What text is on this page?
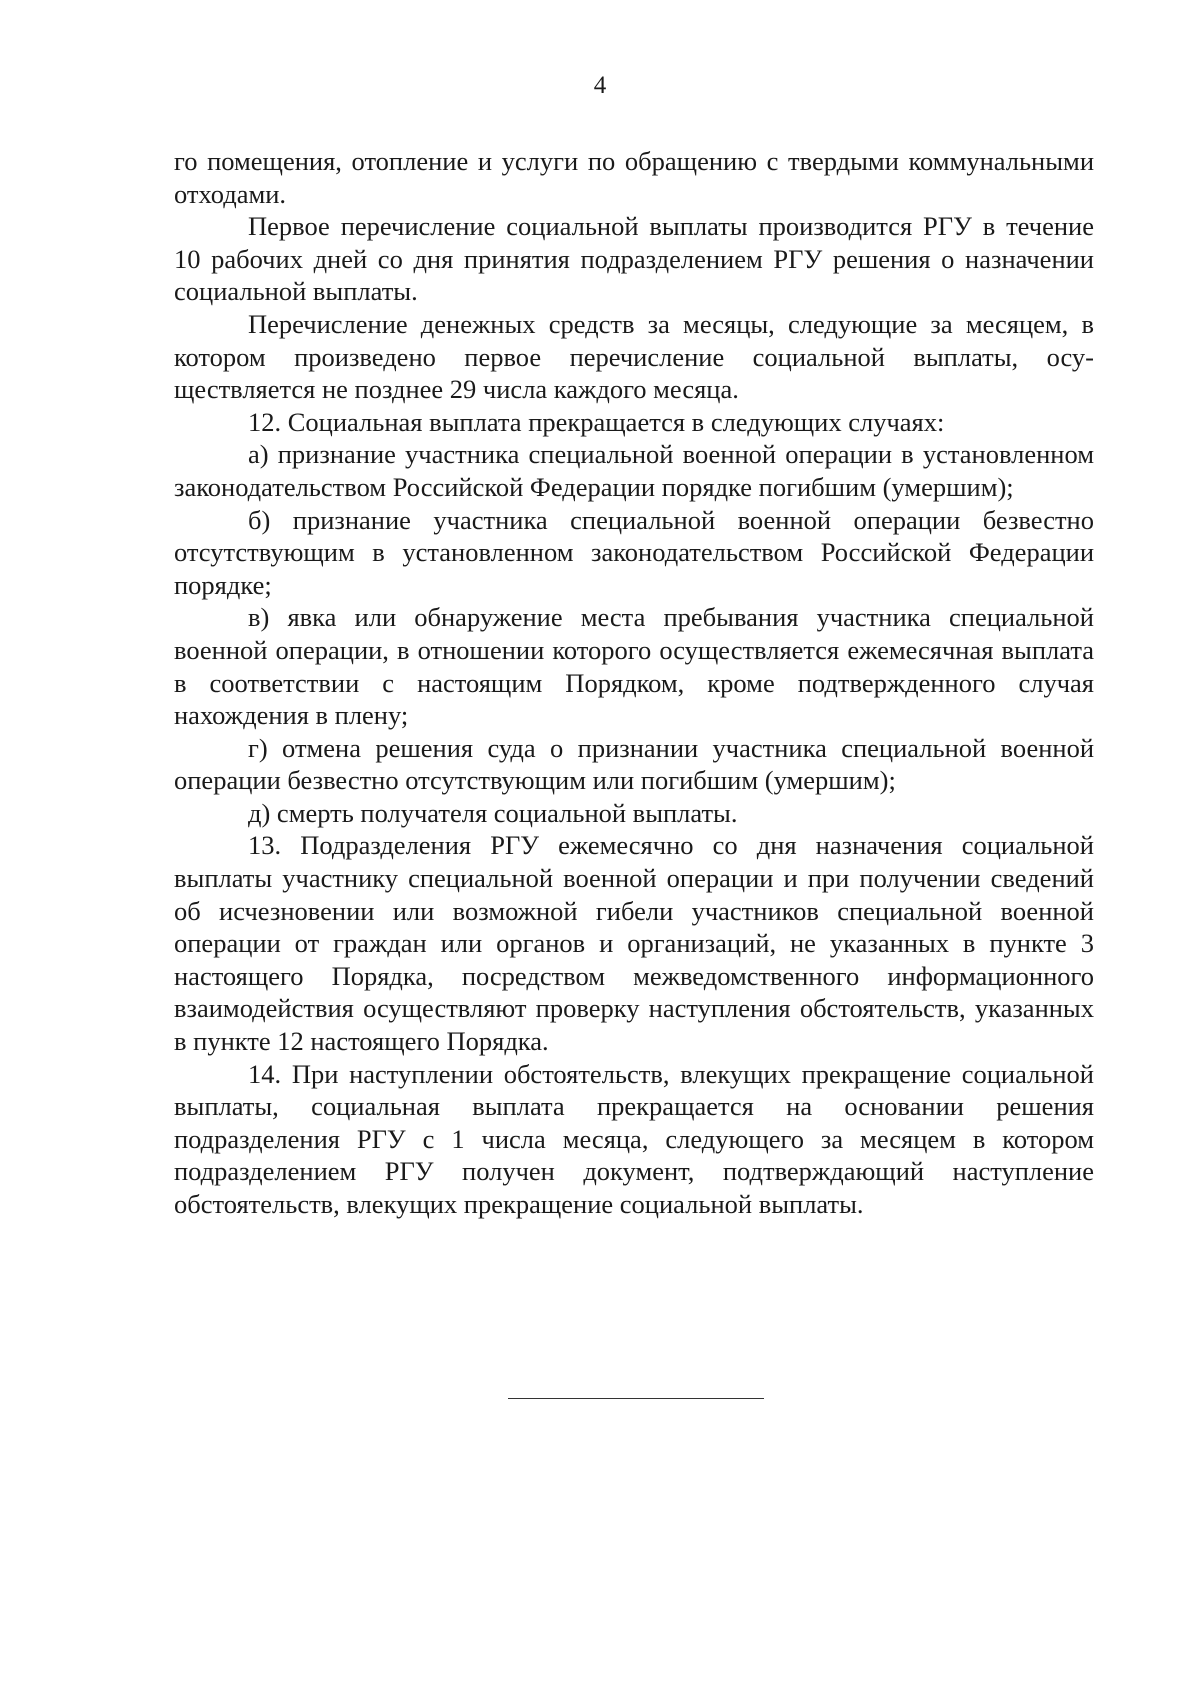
4

го помещения, отопление и услуги по обращению с твердыми коммунальными отходами.

Первое перечисление социальной выплаты производится РГУ в течение 10 рабочих дней со дня принятия подразделением РГУ решения о назначении социальной выплаты.

Перечисление денежных средств за месяцы, следующие за месяцем, в котором произведено первое перечисление социальной выплаты, осуществляется не позднее 29 числа каждого месяца.

12. Социальная выплата прекращается в следующих случаях:

а) признание участника специальной военной операции в установленном законодательством Российской Федерации порядке погибшим (умершим);

б) признание участника специальной военной операции безвестно отсутствующим в установленном законодательством Российской Федерации порядке;

в) явка или обнаружение места пребывания участника специальной военной операции, в отношении которого осуществляется ежемесячная выплата в соответствии с настоящим Порядком, кроме подтвержденного случая нахождения в плену;

г) отмена решения суда о признании участника специальной военной операции безвестно отсутствующим или погибшим (умершим);

д) смерть получателя социальной выплаты.

13. Подразделения РГУ ежемесячно со дня назначения социальной выплаты участнику специальной военной операции и при получении сведений об исчезновении или возможной гибели участников специальной военной операции от граждан или органов и организаций, не указанных в пункте 3 настоящего Порядка, посредством межведомственного информационного взаимодействия осуществляют проверку наступления обстоятельств, указанных в пункте 12 настоящего Порядка.

14. При наступлении обстоятельств, влекущих прекращение социальной выплаты, социальная выплата прекращается на основании решения подразделения РГУ с 1 числа месяца, следующего за месяцем в котором подразделением РГУ получен документ, подтверждающий наступление обстоятельств, влекущих прекращение социальной выплаты.
